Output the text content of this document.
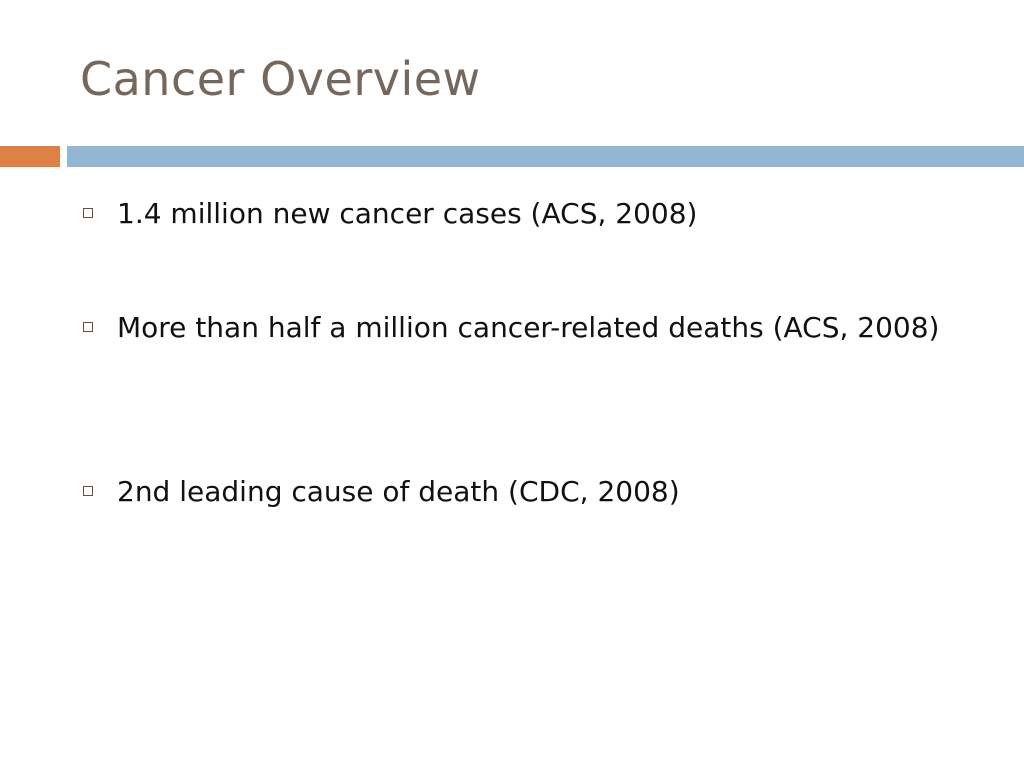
Cancer Overview
1.4 million new cancer cases (ACS, 2008)
More than half a million cancer-related deaths (ACS, 2008)
2nd leading cause of death (CDC, 2008)
